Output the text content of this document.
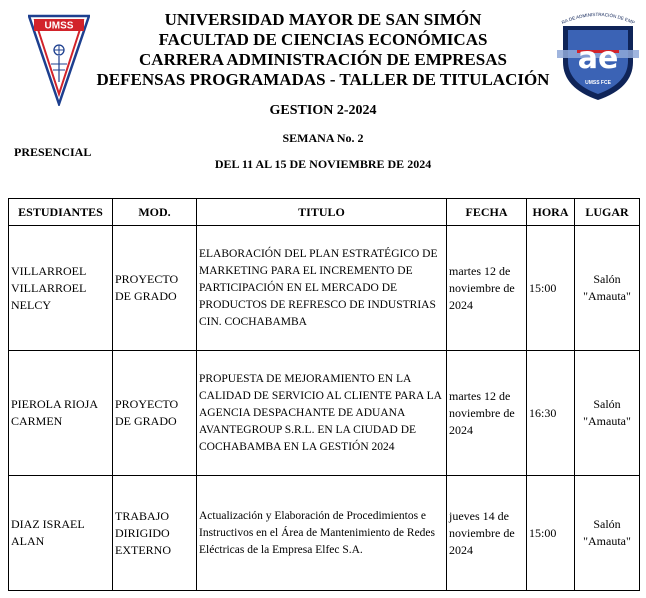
UMSS	RA DE ADMINISTRACIÓN DE EMP
ae
UMSS FCE
UNIVERSIDAD MAYOR DE SAN SIMÓN
FACULTAD DE CIENCIAS ECONÓMICAS
CARRERA ADMINISTRACIÓN DE EMPRESAS
DEFENSAS PROGRAMADAS - TALLER DE TITULACIÓN
GESTION 2-2024
SEMANA No. 2
DEL 11 AL 15 DE NOVIEMBRE DE 2024
PRESENCIAL
ESTUDIANTES	MOD.	TITULO	FECHA	HORA	LUGAR
VILLARROEL VILLARROEL NELCY	PROYECTO DE GRADO	ELABORACIÓN DEL PLAN ESTRATÉGICO DE MARKETING PARA EL INCREMENTO DE PARTICIPACIÓN EN EL MERCADO DE PRODUCTOS DE REFRESCO DE INDUSTRIAS CIN. COCHABAMBA	martes 12 de noviembre de 2024	15:00	Salón "Amauta"
PIEROLA RIOJA CARMEN	PROYECTO DE GRADO	PROPUESTA DE MEJORAMIENTO EN LA CALIDAD DE SERVICIO AL CLIENTE PARA LA AGENCIA DESPACHANTE DE ADUANA AVANTEGROUP S.R.L. EN LA CIUDAD DE COCHABAMBA EN LA GESTIÓN 2024	martes 12 de noviembre de 2024	16:30	Salón "Amauta"
DIAZ ISRAEL ALAN	TRABAJO DIRIGIDO EXTERNO	Actualización y Elaboración de Procedimientos e Instructivos en el Área de Mantenimiento de Redes Eléctricas de la Empresa Elfec S.A.	jueves 14 de noviembre de 2024	15:00	Salón "Amauta"
